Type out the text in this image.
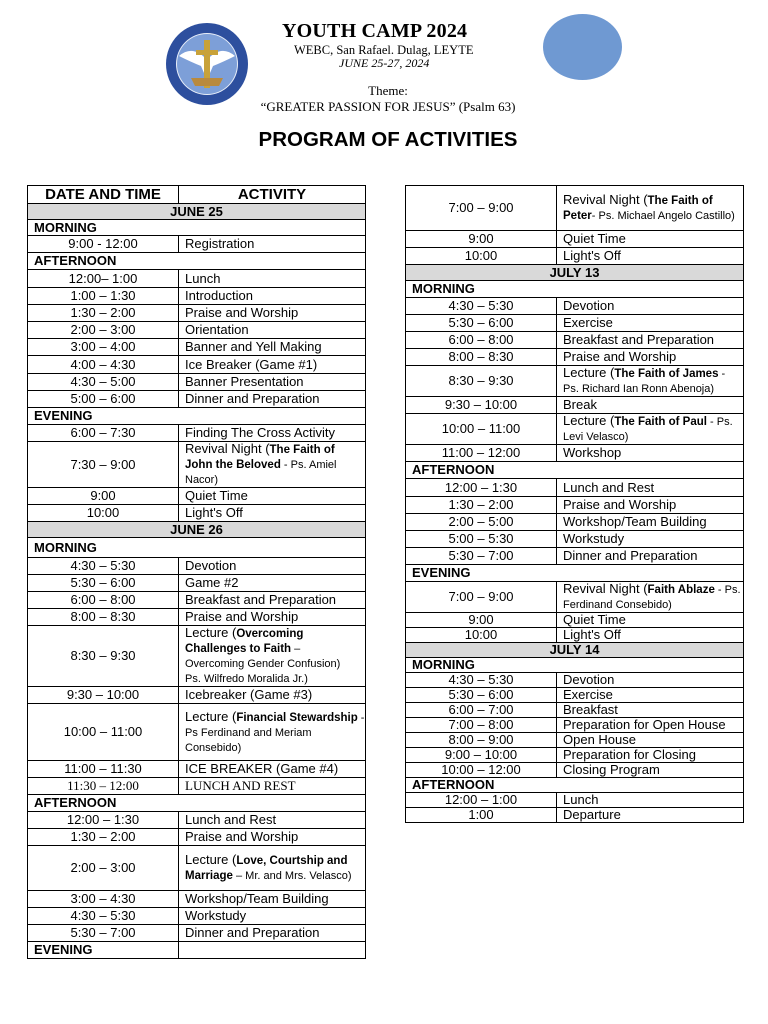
YOUTH CAMP 2024
WEBC, San Rafael. Dulag, LEYTE
JUNE 25-27, 2024
Theme:
“GREATER PASSION FOR JESUS” (Psalm 63)
PROGRAM OF ACTIVITIES
DATE AND TIME	ACTIVITY
JUNE 25	
MORNING	
9:00 - 12:00	Registration
AFTERNOON	
12:00– 1:00	Lunch
1:00 – 1:30	Introduction
1:30 – 2:00	Praise and Worship
2:00 – 3:00	Orientation
3:00 – 4:00	Banner and Yell Making
4:00 – 4:30	Ice Breaker (Game #1)
4:30 – 5:00	Banner Presentation
5:00 – 6:00	Dinner and Preparation
EVENING	
6:00 – 7:30	Finding The Cross Activity
7:30 – 9:00	Revival Night (The Faith of John the Beloved - Ps. Amiel Nacor)
9:00	Quiet Time
10:00	Light's Off
JUNE 26	
MORNING	
4:30 – 5:30	Devotion
5:30 – 6:00	Game #2
6:00 – 8:00	Breakfast and Preparation
8:00 – 8:30	Praise and Worship
8:30 – 9:30	Lecture (Overcoming Challenges to Faith –
Overcoming Gender Confusion)
Ps. Wilfredo Moralida Jr.)
9:30 – 10:00	Icebreaker (Game #3)
10:00 – 11:00	Lecture (Financial Stewardship -
Ps Ferdinand and Meriam Consebido)
11:00 – 11:30	ICE BREAKER (Game #4)
11:30 – 12:00	LUNCH AND REST
AFTERNOON	
12:00 – 1:30	Lunch and Rest
1:30 – 2:00	Praise and Worship
2:00 – 3:00	Lecture (Love, Courtship and Marriage – Mr. and Mrs. Velasco)
3:00 – 4:30	Workshop/Team Building
4:30 – 5:30	Workstudy
5:30 – 7:00	Dinner and Preparation
EVENING	
7:00 – 9:00	Revival Night (The Faith of Peter- Ps. Michael Angelo Castillo)
9:00	Quiet Time
10:00	Light's Off
JULY 13	
MORNING	
4:30 – 5:30	Devotion
5:30 – 6:00	Exercise
6:00 – 8:00	Breakfast and Preparation
8:00 – 8:30	Praise and Worship
8:30 – 9:30	Lecture (The Faith of James - Ps. Richard Ian Ronn Abenoja)
9:30 – 10:00	Break
10:00 – 11:00	Lecture (The Faith of Paul - Ps. Levi Velasco)
11:00 – 12:00	Workshop
AFTERNOON	
12:00 – 1:30	Lunch and Rest
1:30 – 2:00	Praise and Worship
2:00 – 5:00	Workshop/Team Building
5:00 – 5:30	Workstudy
5:30 – 7:00	Dinner and Preparation
EVENING	
7:00 – 9:00	Revival Night (Faith Ablaze - Ps. Ferdinand Consebido)
9:00	Quiet Time
10:00	Light's Off
JULY 14	
MORNING	
4:30 – 5:30	Devotion
5:30 – 6:00	Exercise
6:00 – 7:00	Breakfast
7:00 – 8:00	Preparation for Open House
8:00 – 9:00	Open House
9:00 – 10:00	Preparation for Closing
10:00 – 12:00	Closing Program
AFTERNOON	
12:00 – 1:00	Lunch
1:00	Departure
